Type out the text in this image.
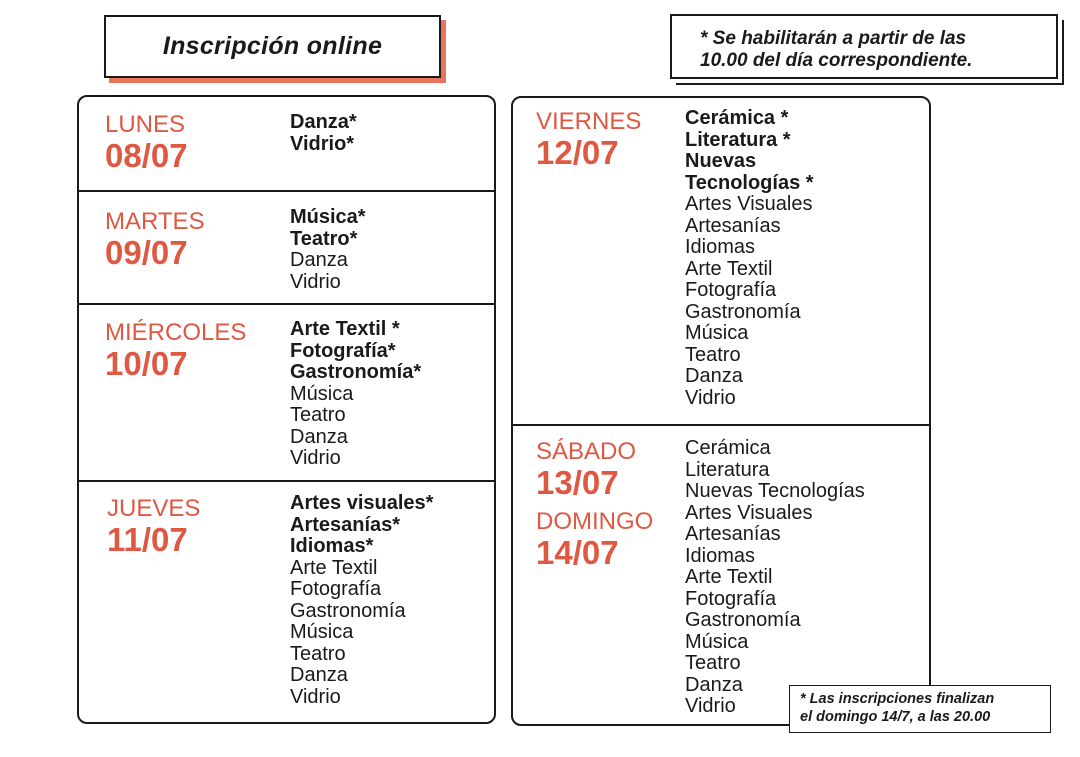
Inscripción online	* Se habilitarán a partir de las
10.00 del día correspondiente.
LUNES
08/07
Danza*
Vidrio*
MARTES
09/07
Música*
Teatro*
Danza
Vidrio
MIÉRCOLES
10/07
Arte Textil *
Fotografía*
Gastronomía*
Música
Teatro
Danza
Vidrio
JUEVES
11/07
Artes visuales*
Artesanías*
Idiomas*
Arte Textil
Fotografía
Gastronomía
Música
Teatro
Danza
Vidrio
VIERNES
12/07
Cerámica *
Literatura *
Nuevas
Tecnologías *
Artes Visuales
Artesanías
Idiomas
Arte Textil
Fotografía
Gastronomía
Música
Teatro
Danza
Vidrio
SÁBADO
13/07
DOMINGO
14/07
Cerámica
Literatura
Nuevas Tecnologías
Artes Visuales
Artesanías
Idiomas
Arte Textil
Fotografía
Gastronomía
Música
Teatro
Danza
Vidrio	* Las inscripciones finalizan
el domingo 14/7, a las 20.00
